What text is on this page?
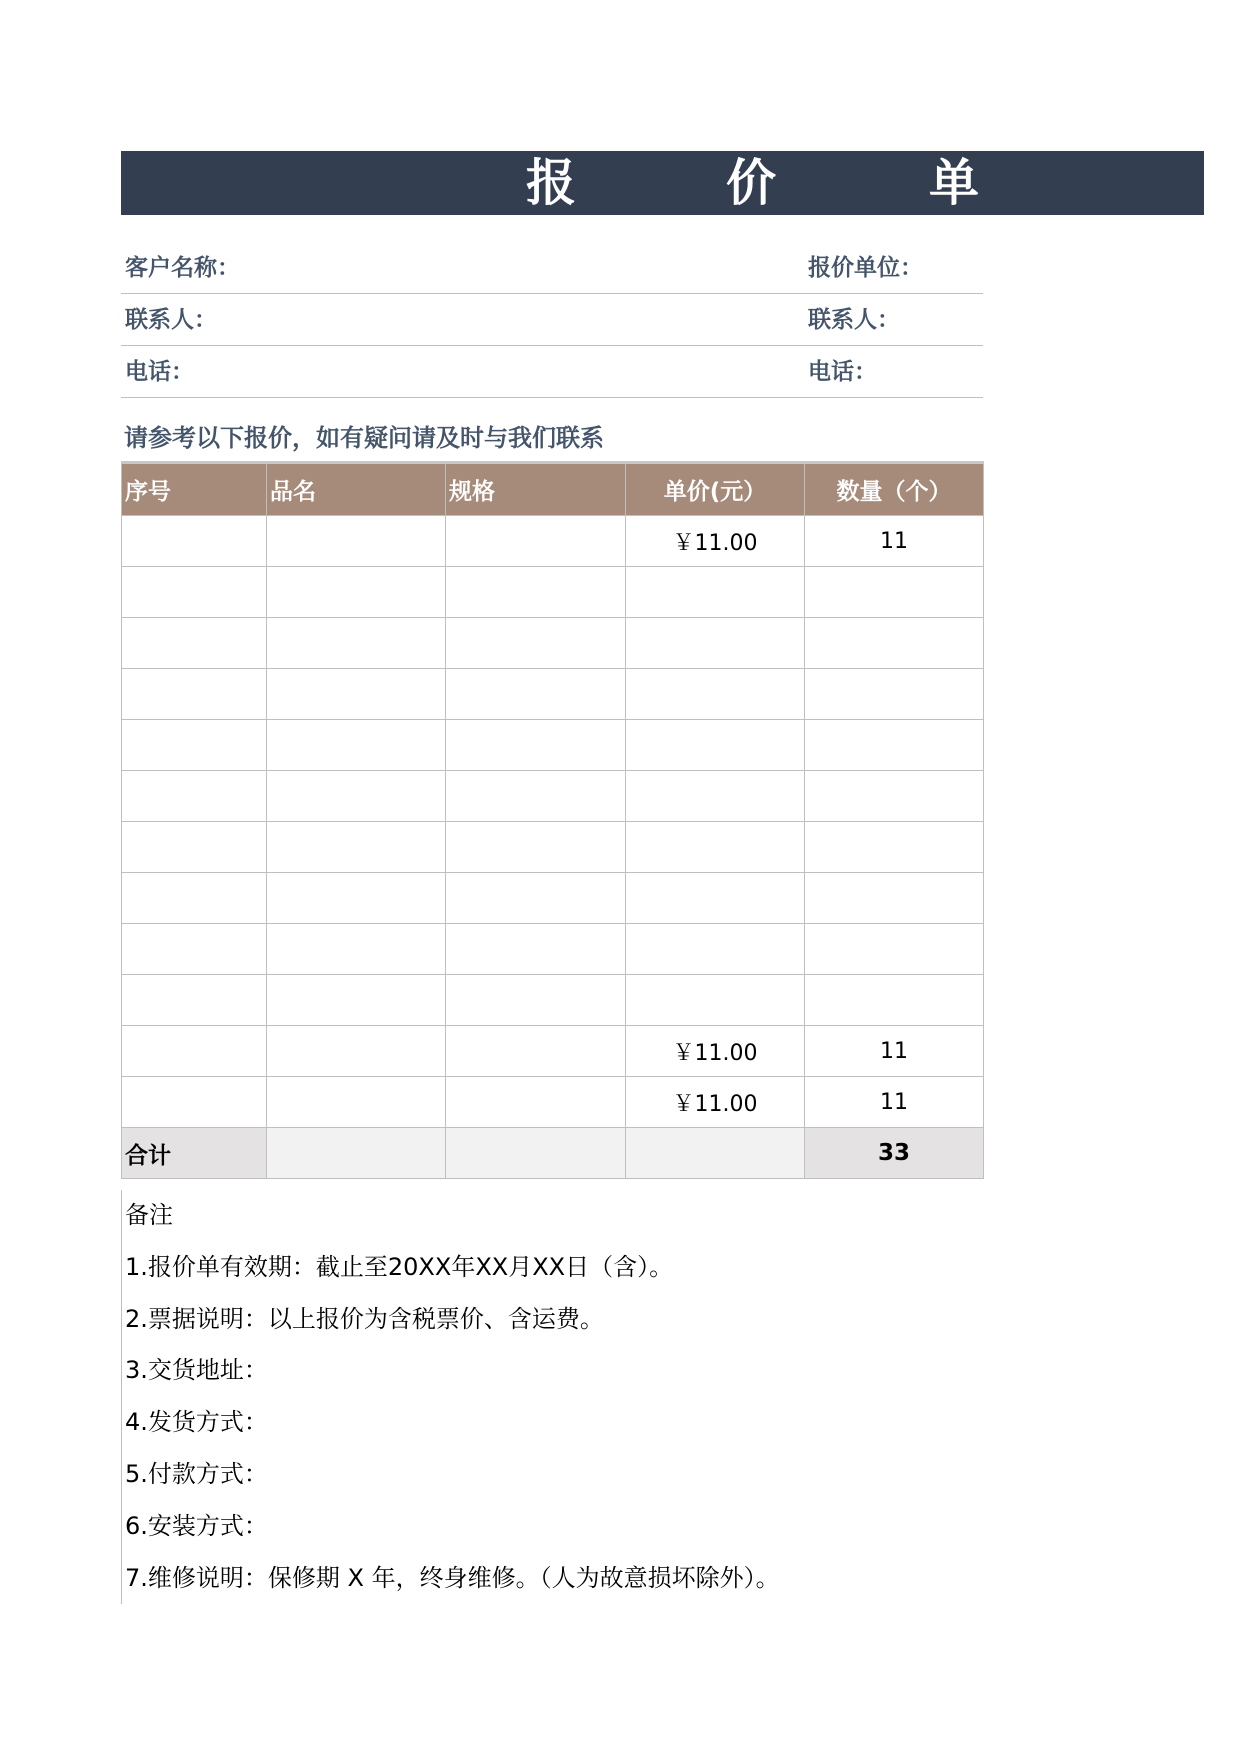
报	价	单
客户名称：	报价单位：
联系人：	联系人：
电话：	电话：
请参考以下报价，如有疑问请及时与我们联系
序号	品名	规格	单价(元）	数量（个）
			￥11.00	11

			￥11.00	11
			￥11.00	11
合计				33
备注
1.报价单有效期：截止至20XX年XX月XX日（含）。
2.票据说明：以上报价为含税票价、含运费。
3.交货地址：
4.发货方式：
5.付款方式：
6.安装方式：
7.维修说明：保修期 X 年，终身维修。（人为故意损坏除外）。
